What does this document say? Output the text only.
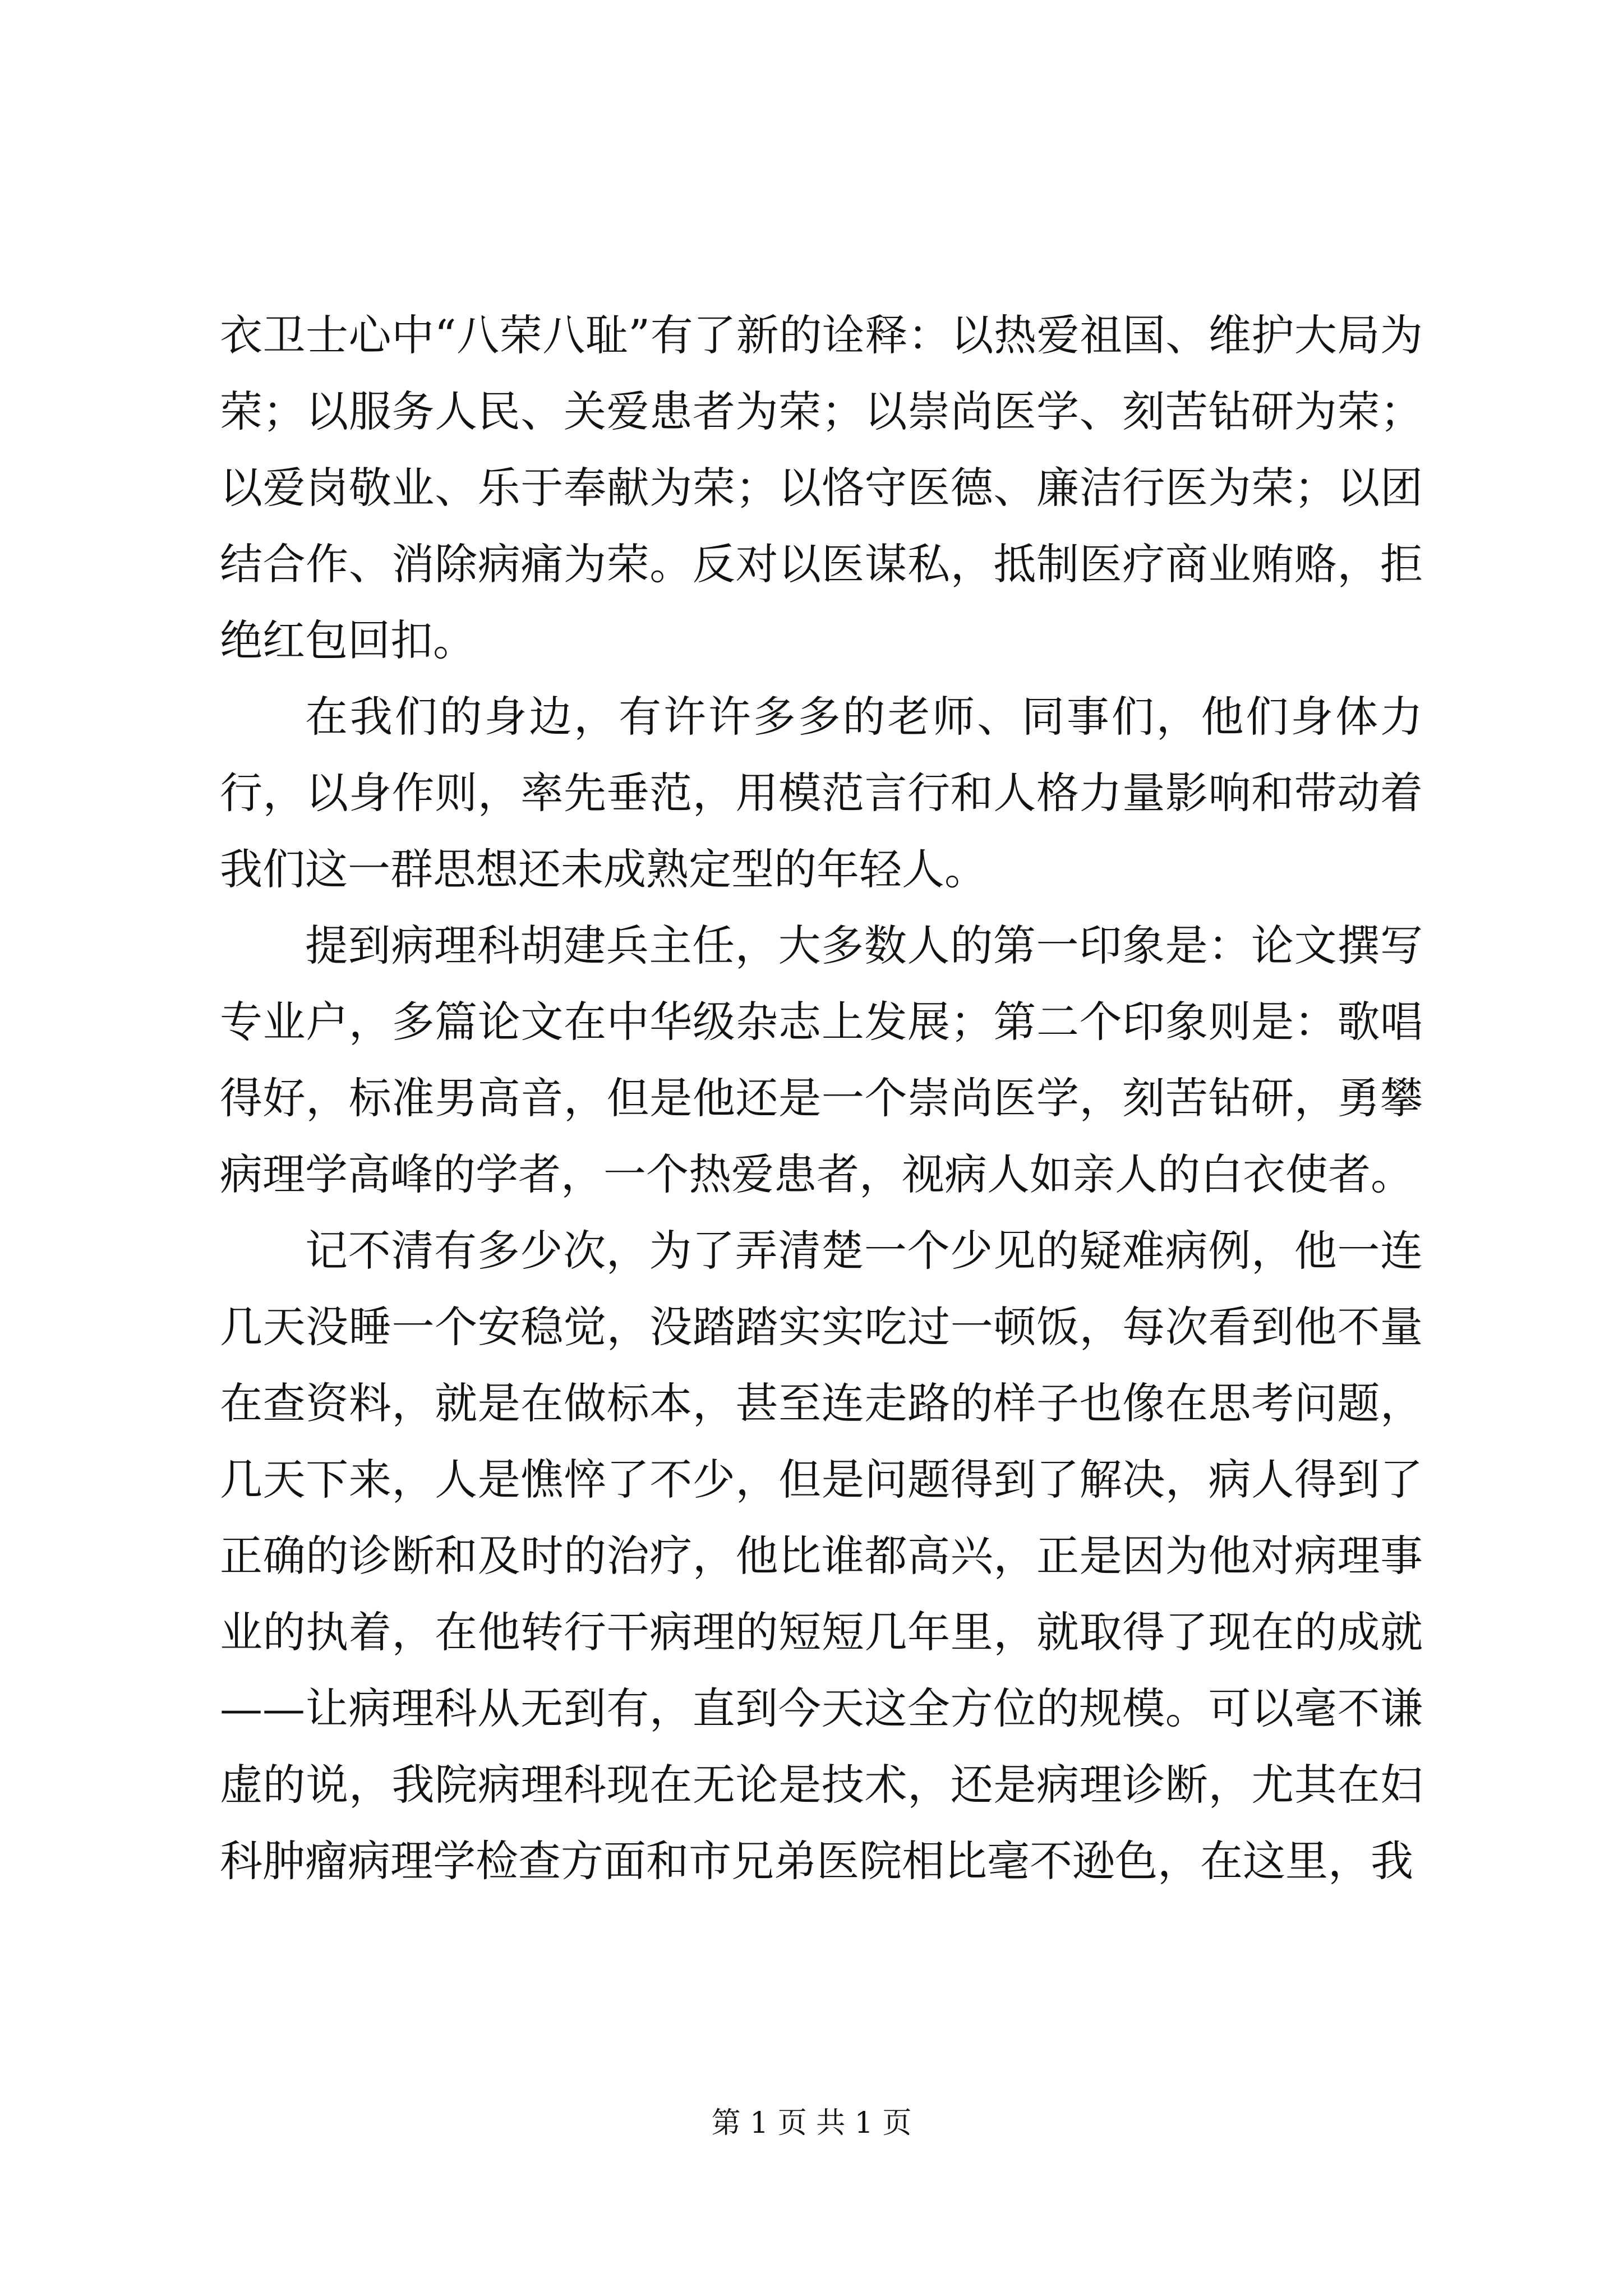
衣卫士心中“八荣八耻”有了新的诠释：以热爱祖国、维护大局为荣；以服务人民、关爱患者为荣；以崇尚医学、刻苦钻研为荣；以爱岗敬业、乐于奉献为荣；以恪守医德、廉洁行医为荣；以团结合作、消除病痛为荣。反对以医谋私，抵制医疗商业贿赂，拒绝红包回扣。

在我们的身边，有许许多多的老师、同事们，他们身体力行，以身作则，率先垂范，用模范言行和人格力量影响和带动着我们这一群思想还未成熟定型的年轻人。

提到病理科胡建兵主任，大多数人的第一印象是：论文撰写专业户，多篇论文在中华级杂志上发展；第二个印象则是：歌唱得好，标准男高音，但是他还是一个崇尚医学，刻苦钻研，勇攀病理学高峰的学者，一个热爱患者，视病人如亲人的白衣使者。

记不清有多少次，为了弄清楚一个少见的疑难病例，他一连几天没睡一个安稳觉，没踏踏实实吃过一顿饭，每次看到他不量在查资料，就是在做标本，甚至连走路的样子也像在思考问题，几天下来，人是憔悴了不少，但是问题得到了解决，病人得到了正确的诊断和及时的治疗，他比谁都高兴，正是因为他对病理事业的执着，在他转行干病理的短短几年里，就取得了现在的成就——让病理科从无到有，直到今天这全方位的规模。可以毫不谦虚的说，我院病理科现在无论是技术，还是病理诊断，尤其在妇科肿瘤病理学检查方面和市兄弟医院相比毫不逊色，在这里，我

第 1 页 共 1 页
